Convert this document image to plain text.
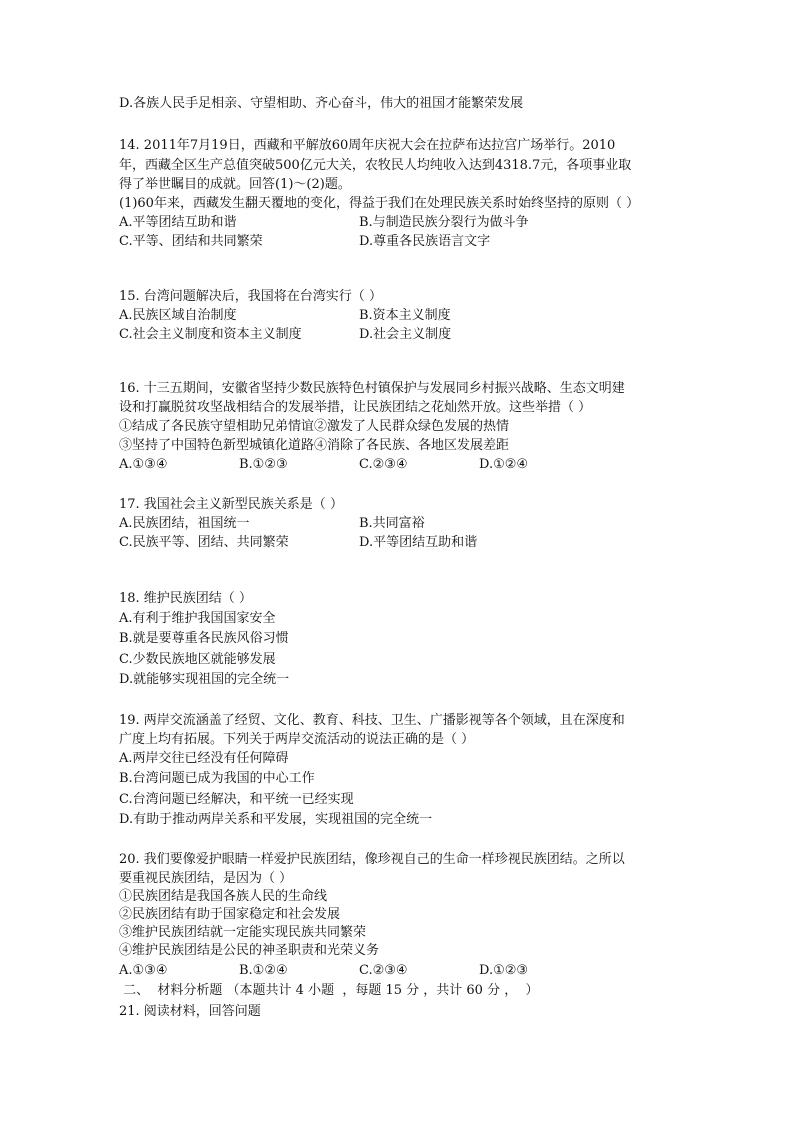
D.各族人民手足相亲、守望相助、齐心奋斗，伟大的祖国才能繁荣发展
14. 2011年7月19日，西藏和平解放60周年庆祝大会在拉萨布达拉宫广场举行。2010
年，西藏全区生产总值突破500亿元大关，农牧民人均纯收入达到4318.7元，各项事业取
得了举世瞩目的成就。回答(1)～(2)题。
(1)60年来，西藏发生翻天覆地的变化，得益于我们在处理民族关系时始终坚持的原则（ ）
A.平等团结互助和谐	B.与制造民族分裂行为做斗争
C.平等、团结和共同繁荣	D.尊重各民族语言文字
15. 台湾问题解决后，我国将在台湾实行（ ）
A.民族区域自治制度	B.资本主义制度
C.社会主义制度和资本主义制度	D.社会主义制度
16. 十三五期间，安徽省坚持少数民族特色村镇保护与发展同乡村振兴战略、生态文明建
设和打赢脱贫攻坚战相结合的发展举措，让民族团结之花灿然开放。这些举措（ ）
①结成了各民族守望相助兄弟情谊②激发了人民群众绿色发展的热情
③坚持了中国特色新型城镇化道路④消除了各民族、各地区发展差距
A.①③④	B.①②③	C.②③④	D.①②④
17. 我国社会主义新型民族关系是（ ）
A.民族团结，祖国统一	B.共同富裕
C.民族平等、团结、共同繁荣	D.平等团结互助和谐
18. 维护民族团结（ ）
A.有利于维护我国国家安全
B.就是要尊重各民族风俗习惯
C.少数民族地区就能够发展
D.就能够实现祖国的完全统一
19. 两岸交流涵盖了经贸、文化、教育、科技、卫生、广播影视等各个领域，且在深度和
广度上均有拓展。下列关于两岸交流活动的说法正确的是（ ）
A.两岸交往已经没有任何障碍
B.台湾问题已成为我国的中心工作
C.台湾问题已经解决，和平统一已经实现
D.有助于推动两岸关系和平发展，实现祖国的完全统一
20. 我们要像爱护眼睛一样爱护民族团结，像珍视自己的生命一样珍视民族团结。之所以
要重视民族团结，是因为（ ）
①民族团结是我国各族人民的生命线
②民族团结有助于国家稳定和社会发展
③维护民族团结就一定能实现民族共同繁荣
④维护民族团结是公民的神圣职责和光荣义务
A.①③④	B.①②④	C.②③④	D.①②③
二、  材料分析题 （本题共计 4 小题  ，每题 15 分 ，共计 60 分 ，  ）
21. 阅读材料，回答问题
